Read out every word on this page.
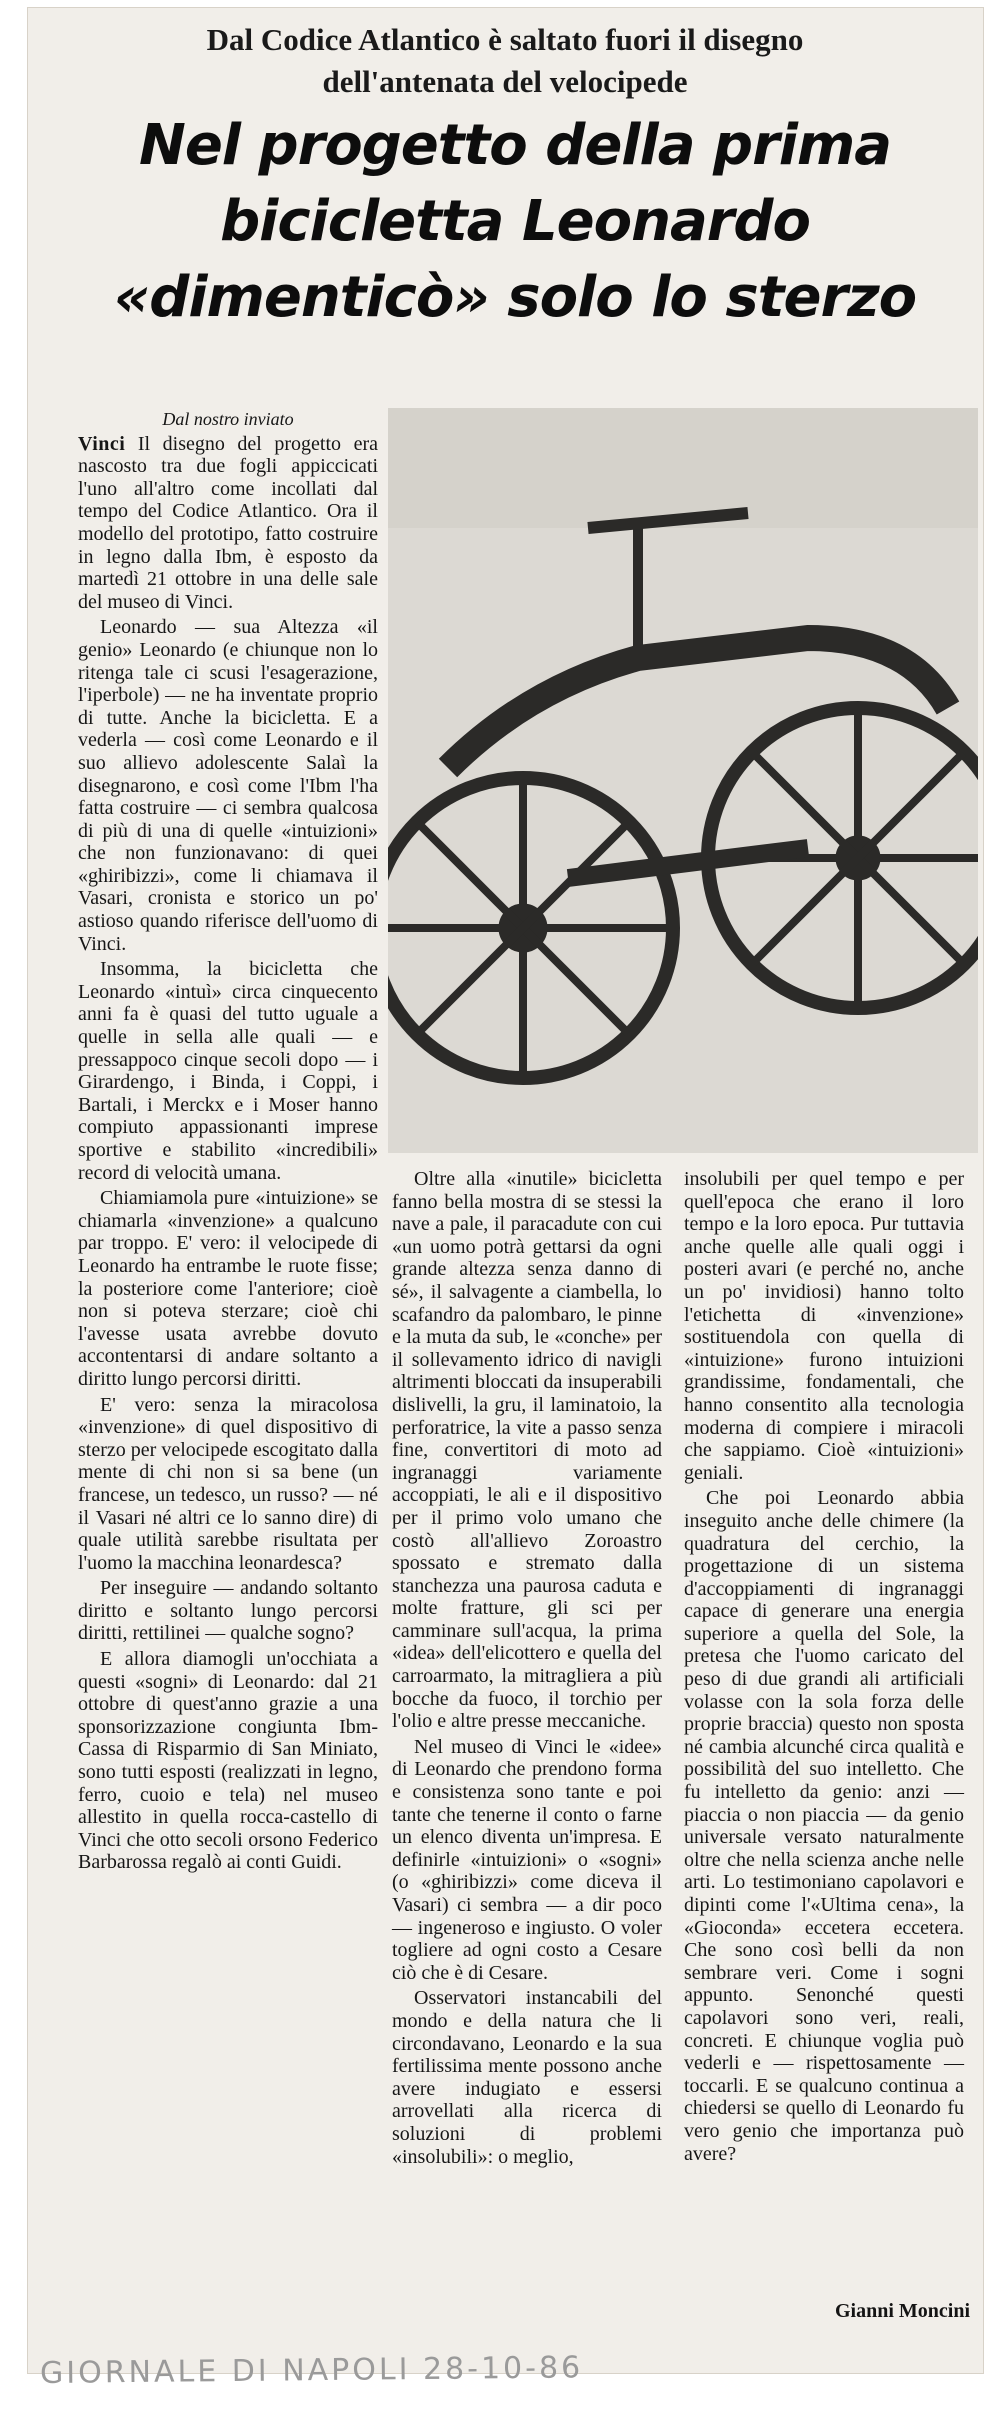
Dal Codice Atlantico è saltato fuori il disegno
dell'antenata del velocipede
Nel progetto della prima
bicicletta Leonardo
«dimenticò» solo lo sterzo
Dal nostro inviato

Vinci Il disegno del progetto era nascosto tra due fogli appiccicati l'uno all'altro come incollati dal tempo del Codice Atlantico. Ora il modello del prototipo, fatto costruire in legno dalla Ibm, è esposto da martedì 21 ottobre in una delle sale del museo di Vinci.

Leonardo — sua Altezza «il genio» Leonardo (e chiunque non lo ritenga tale ci scusi l'esagerazione, l'iperbole) — ne ha inventate proprio di tutte. Anche la bicicletta. E a vederla — così come Leonardo e il suo allievo adolescente Salaì la disegnarono, e così come l'Ibm l'ha fatta costruire — ci sembra qualcosa di più di una di quelle «intuizioni» che non funzionavano: di quei «ghiribizzi», come li chiamava il Vasari, cronista e storico un po' astioso quando riferisce dell'uomo di Vinci.

Insomma, la bicicletta che Leonardo «intuì» circa cinquecento anni fa è quasi del tutto uguale a quelle in sella alle quali — e pressappoco cinque secoli dopo — i Girardengo, i Binda, i Coppi, i Bartali, i Merckx e i Moser hanno compiuto appassionanti imprese sportive e stabilito «incredibili» record di velocità umana.

Chiamiamola pure «intuizione» se chiamarla «invenzione» a qualcuno par troppo. E' vero: il velocipede di Leonardo ha entrambe le ruote fisse; la posteriore come l'anteriore; cioè non si poteva sterzare; cioè chi l'avesse usata avrebbe dovuto accontentarsi di andare soltanto a diritto lungo percorsi diritti.

E' vero: senza la miracolosa «invenzione» di quel dispositivo di sterzo per velocipede escogitato dalla mente di chi non si sa bene (un francese, un tedesco, un russo? — né il Vasari né altri ce lo sanno dire) di quale utilità sarebbe risultata per l'uomo la macchina leonardesca?

Per inseguire — andando soltanto diritto e soltanto lungo percorsi diritti, rettilinei — qualche sogno?

E allora diamogli un'occhiata a questi «sogni» di Leonardo: dal 21 ottobre di quest'anno grazie a una sponsorizzazione congiunta Ibm-Cassa di Risparmio di San Miniato, sono tutti esposti (realizzati in legno, ferro, cuoio e tela) nel museo allestito in quella rocca-castello di Vinci che otto secoli orsono Federico Barbarossa regalò ai conti Guidi.

Oltre alla «inutile» bicicletta fanno bella mostra di se stessi la nave a pale, il paracadute con cui «un uomo potrà gettarsi da ogni grande altezza senza danno di sé», il salvagente a ciambella, lo scafandro da palombaro, le pinne e la muta da sub, le «conche» per il sollevamento idrico di navigli altrimenti bloccati da insuperabili dislivelli, la gru, il laminatoio, la perforatrice, la vite a passo senza fine, convertitori di moto ad ingranaggi variamente accoppiati, le ali e il dispositivo per il primo volo umano che costò all'allievo Zoroastro spossato e stremato dalla stanchezza una paurosa caduta e molte fratture, gli sci per camminare sull'acqua, la prima «idea» dell'elicottero e quella del carroarmato, la mitragliera a più bocche da fuoco, il torchio per l'olio e altre presse meccaniche.

Nel museo di Vinci le «idee» di Leonardo che prendono forma e consistenza sono tante e poi tante che tenerne il conto o farne un elenco diventa un'impresa. E definirle «intuizioni» o «sogni» (o «ghiribizzi» come diceva il Vasari) ci sembra — a dir poco — ingeneroso e ingiusto. O voler togliere ad ogni costo a Cesare ciò che è di Cesare.

Osservatori instancabili del mondo e della natura che li circondavano, Leonardo e la sua fertilissima mente possono anche avere indugiato e essersi arrovellati alla ricerca di soluzioni di problemi «insolubili»: o meglio,

insolubili per quel tempo e per quell'epoca che erano il loro tempo e la loro epoca. Pur tuttavia anche quelle alle quali oggi i posteri avari (e perché no, anche un po' invidiosi) hanno tolto l'etichetta di «invenzione» sostituendola con quella di «intuizione» furono intuizioni grandissime, fondamentali, che hanno consentito alla tecnologia moderna di compiere i miracoli che sappiamo. Cioè «intuizioni» geniali.

Che poi Leonardo abbia inseguito anche delle chimere (la quadratura del cerchio, la progettazione di un sistema d'accoppiamenti di ingranaggi capace di generare una energia superiore a quella del Sole, la pretesa che l'uomo caricato del peso di due grandi ali artificiali volasse con la sola forza delle proprie braccia) questo non sposta né cambia alcunché circa qualità e possibilità del suo intelletto. Che fu intelletto da genio: anzi — piaccia o non piaccia — da genio universale versato naturalmente oltre che nella scienza anche nelle arti. Lo testimoniano capolavori e dipinti come l'«Ultima cena», la «Gioconda» eccetera eccetera. Che sono così belli da non sembrare veri. Come i sogni appunto. Senonché questi capolavori sono veri, reali, concreti. E chiunque voglia può vederli e — rispettosamente — toccarli. E se qualcuno continua a chiedersi se quello di Leonardo fu vero genio che importanza può avere?

Gianni Moncini
GIORNALE DI NAPOLI 28-10-86
